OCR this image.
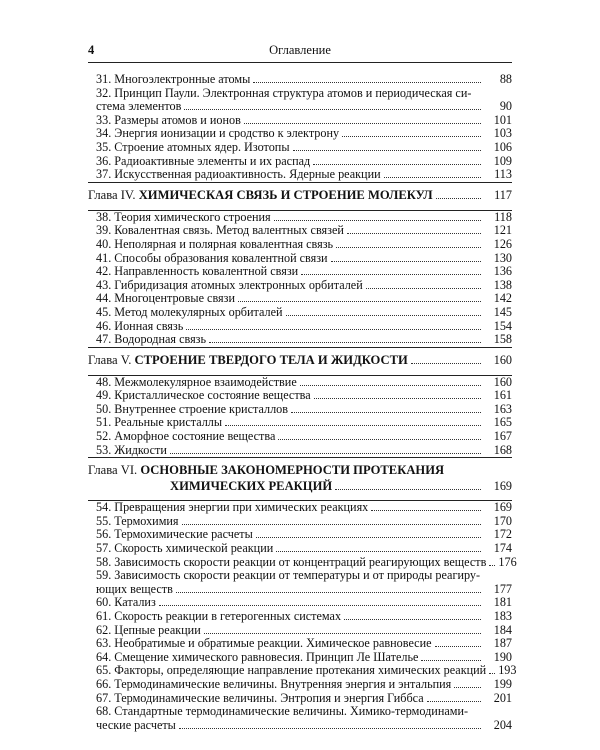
4	Оглавление
31. Многоэлектронные атомы	88
32. Принцип Паули. Электронная структура атомов и периодическая си-
стема элементов	90
33. Размеры атомов и ионов	101
34. Энергия ионизации и сродство к электрону	103
35. Строение атомных ядер. Изотопы	106
36. Радиоактивные элементы и их распад	109
37. Искусственная радиоактивность. Ядерные реакции	113
Глава IV. ХИМИЧЕСКАЯ СВЯЗЬ И СТРОЕНИЕ МОЛЕКУЛ	117
38. Теория химического строения	118
39. Ковалентная связь. Метод валентных связей	121
40. Неполярная и полярная ковалентная связь	126
41. Способы образования ковалентной связи	130
42. Направленность ковалентной связи	136
43. Гибридизация атомных электронных орбиталей	138
44. Многоцентровые связи	142
45. Метод молекулярных орбиталей	145
46. Ионная связь	154
47. Водородная связь	158
Глава V. СТРОЕНИЕ ТВЕРДОГО ТЕЛА И ЖИДКОСТИ	160
48. Межмолекулярное взаимодействие	160
49. Кристаллическое состояние вещества	161
50. Внутреннее строение кристаллов	163
51. Реальные кристаллы	165
52. Аморфное состояние вещества	167
53. Жидкости	168
Глава VI. ОСНОВНЫЕ ЗАКОНОМЕРНОСТИ ПРОТЕКАНИЯ
ХИМИЧЕСКИХ РЕАКЦИЙ	169
54. Превращения энергии при химических реакциях	169
55. Термохимия	170
56. Термохимические расчеты	172
57. Скорость химической реакции	174
58. Зависимость скорости реакции от концентраций реагирующих веществ 176
59. Зависимость скорости реакции от температуры и от природы реагиру-
ющих веществ	177
60. Катализ	181
61. Скорость реакции в гетерогенных системах	183
62. Цепные реакции	184
63. Необратимые и обратимые реакции. Химическое равновесие	187
64. Смещение химического равновесия. Принцип Ле Шателье	190
65. Факторы, определяющие направление протекания химических реакций 193
66. Термодинамические величины. Внутренняя энергия и энтальпия	199
67. Термодинамические величины. Энтропия и энергия Гиббса	201
68. Стандартные термодинамические величины. Химико-термодинами-
ческие расчеты	204
